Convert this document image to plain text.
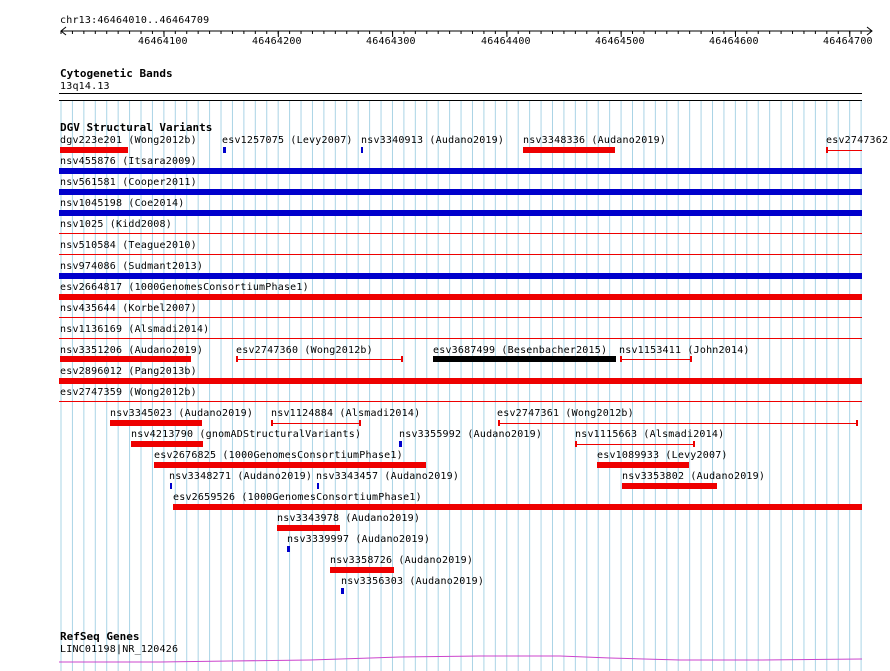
chr13:46464010..46464709
46464100	46464200	46464300	46464400	46464500	46464600	46464700
Cytogenetic Bands
13q14.13
DGV Structural Variants
dgv223e201 (Wong2012b)	esv1257075 (Levy2007) nsv3340913 (Audano2019) nsv3348336 (Audano2019)	esv2747362
nsv455876 (Itsara2009)
nsv561581 (Cooper2011)
nsv1045198 (Coe2014)
nsv1025 (Kidd2008)
nsv510584 (Teague2010)
nsv974086 (Sudmant2013)
esv2664817 (1000GenomesConsortiumPhase1)
nsv435644 (Korbel2007)
nsv1136169 (Alsmadi2014)
nsv3351206 (Audano2019)	esv2747360 (Wong2012b)	esv3687499 (Besenbacher2015) nsv1153411 (John2014)
esv2896012 (Pang2013b)
esv2747359 (Wong2012b)
nsv3345023 (Audano2019) nsv1124884 (Alsmadi2014)	esv2747361 (Wong2012b)
nsv4213790 (gnomADStructuralVariants)	nsv3355992 (Audano2019)	nsv1115663 (Alsmadi2014)
esv2676825 (1000GenomesConsortiumPhase1)	esv1089933 (Levy2007)
nsv3348271 (Audano2019) nsv3343457 (Audano2019)	nsv3353802 (Audano2019)
esv2659526 (1000GenomesConsortiumPhase1)
nsv3343978 (Audano2019)
nsv3339997 (Audano2019)
nsv3358726 (Audano2019)
nsv3356303 (Audano2019)
RefSeq Genes
LINC01198|NR_120426
